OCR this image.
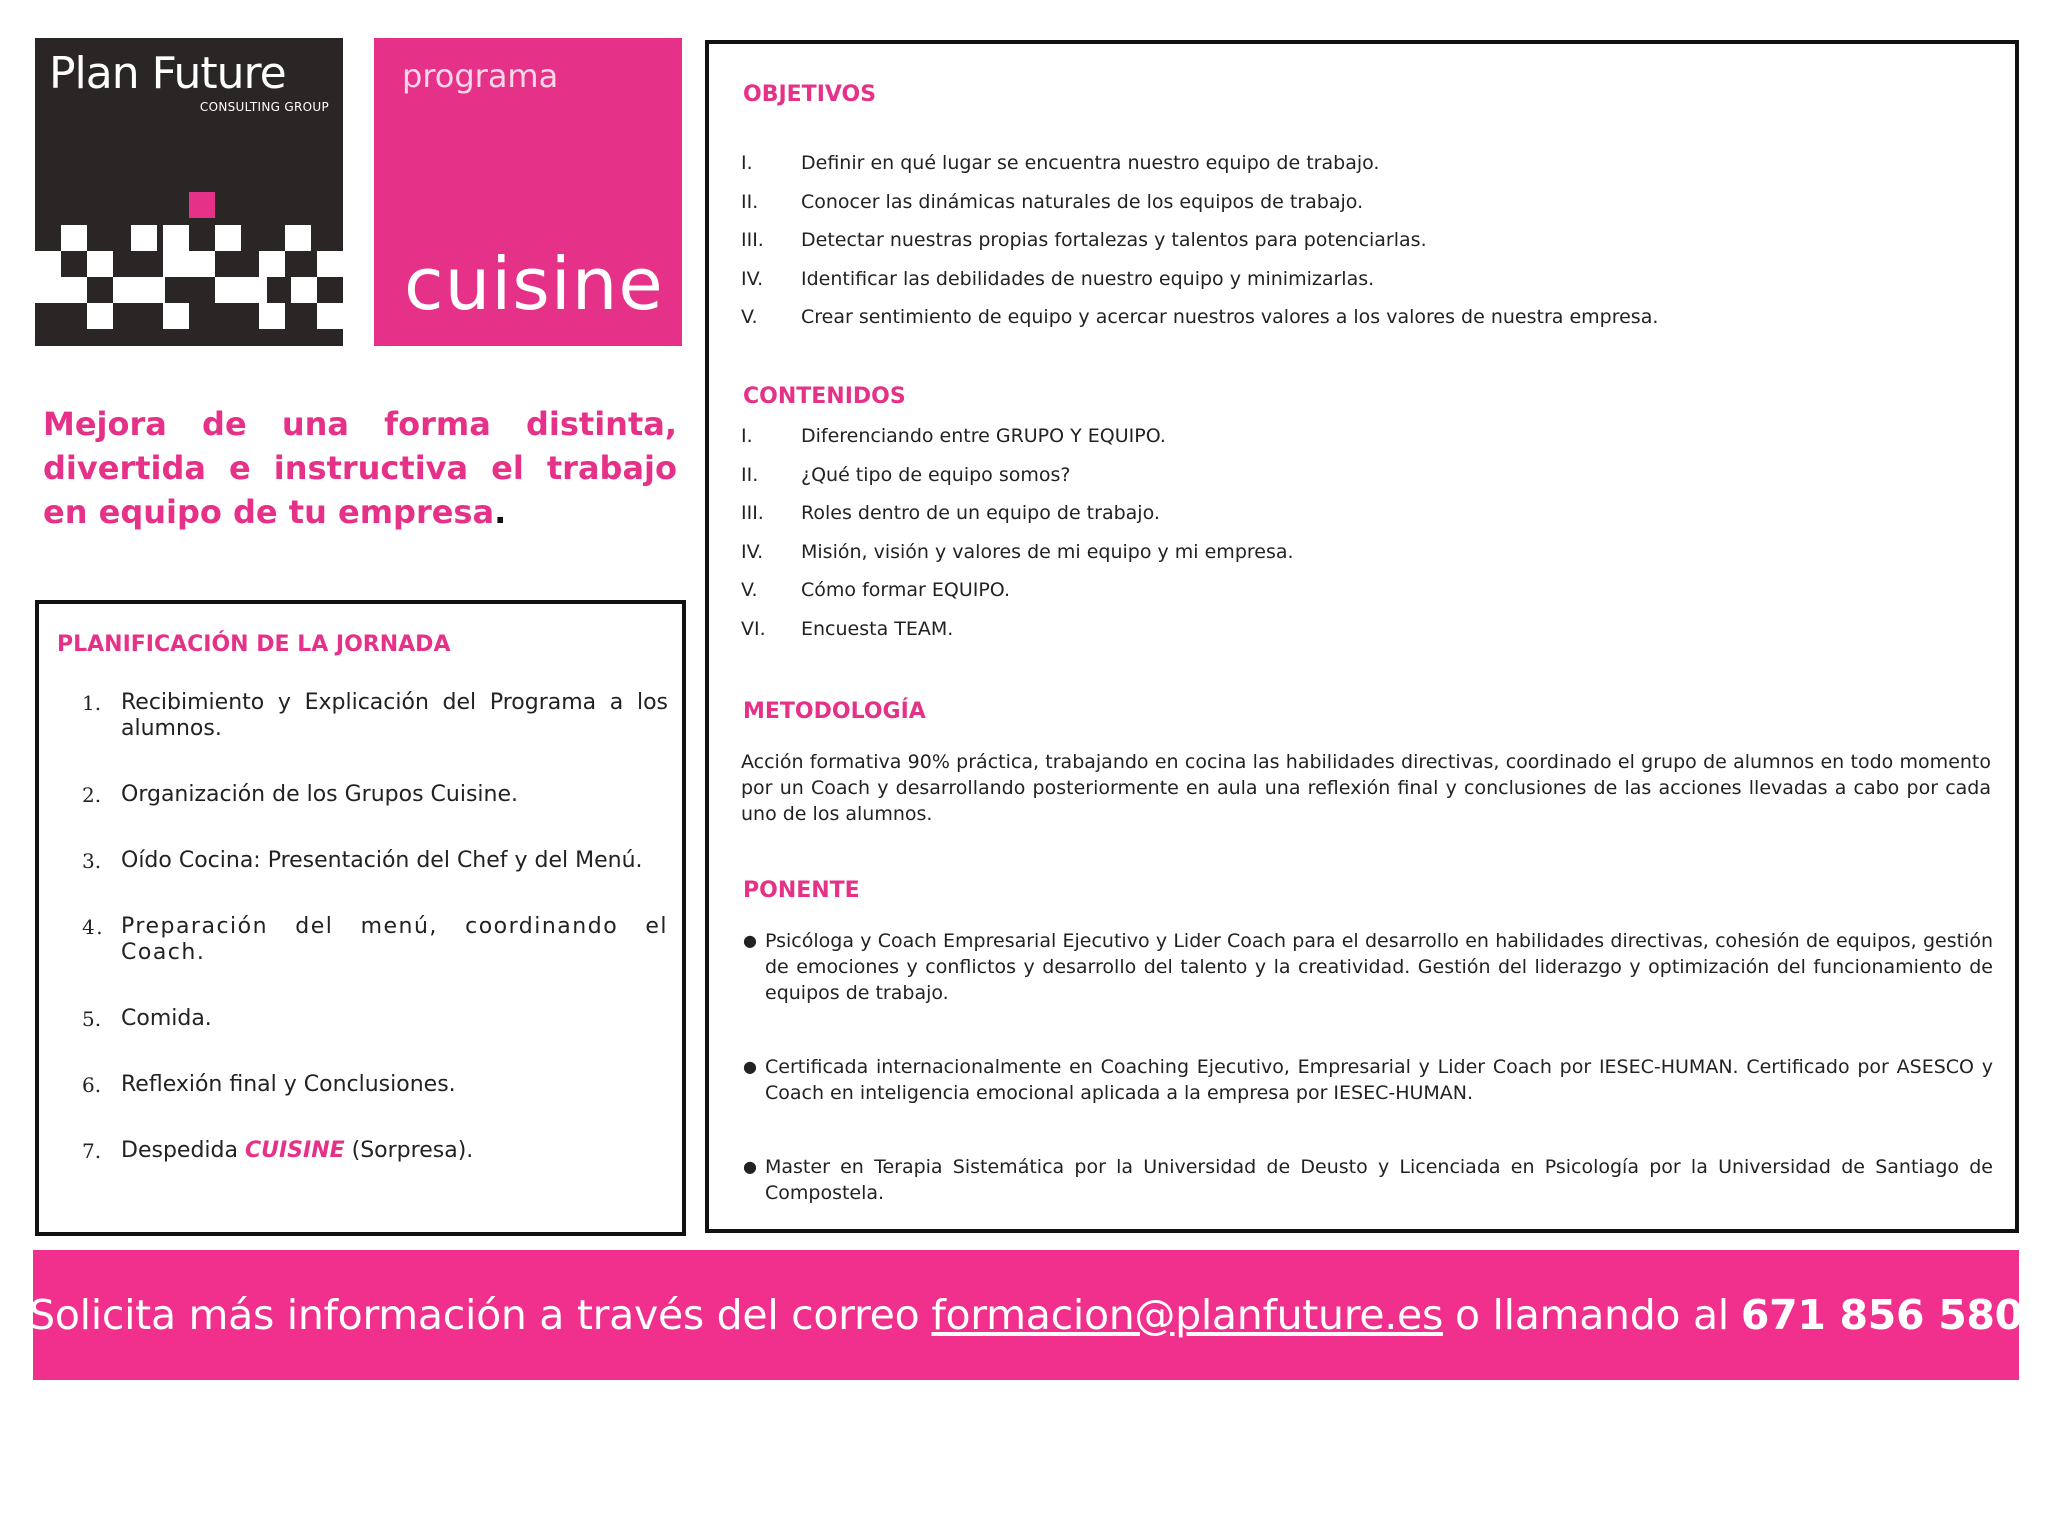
Plan Future
CONSULTING GROUP
programa
cuisine
Mejora de una forma distinta, divertida e instructiva el trabajo en equipo de tu empresa.
PLANIFICACIÓN DE LA JORNADA
1. Recibimiento y Explicación del Programa a los alumnos.
2. Organización de los Grupos Cuisine.
3. Oído Cocina: Presentación del Chef y del Menú.
4. Preparación del menú, coordinando el Coach.
5. Comida.
6. Reflexión final y Conclusiones.
7. Despedida CUISINE (Sorpresa).
OBJETIVOS
I.	Definir en qué lugar se encuentra nuestro equipo de trabajo.
II.	Conocer las dinámicas naturales de los equipos de trabajo.
III.	Detectar nuestras propias fortalezas y talentos para potenciarlas.
IV.	Identificar las debilidades de nuestro equipo y minimizarlas.
V.	Crear sentimiento de equipo y acercar nuestros valores a los valores de nuestra empresa.
CONTENIDOS
I.	Diferenciando entre GRUPO Y EQUIPO.
II.	¿Qué tipo de equipo somos?
III.	Roles dentro de un equipo de trabajo.
IV.	Misión, visión y valores de mi equipo y mi empresa.
V.	Cómo formar EQUIPO.
VI.	Encuesta TEAM.
METODOLOGÍA
Acción formativa 90% práctica, trabajando en cocina las habilidades directivas, coordinado el grupo de alumnos en todo momento por un Coach y desarrollando posteriormente en aula una reflexión final y conclusiones de las acciones llevadas a cabo por cada uno de los alumnos.
PONENTE
● Psicóloga y Coach Empresarial Ejecutivo y Lider Coach para el desarrollo en habilidades directivas, cohesión de equipos, gestión de emociones y conflictos y desarrollo del talento y la creatividad. Gestión del liderazgo y optimización del funcionamiento de equipos de trabajo.
● Certificada internacionalmente en Coaching Ejecutivo, Empresarial y Lider Coach por IESEC-HUMAN. Certificado por ASESCO y Coach en inteligencia emocional aplicada a la empresa por IESEC-HUMAN.
● Master en Terapia Sistemática por la Universidad de Deusto y Licenciada en Psicología por la Universidad de Santiago de Compostela.
Solicita más información a través del correo formacion@planfuture.es o llamando al 671 856 580
